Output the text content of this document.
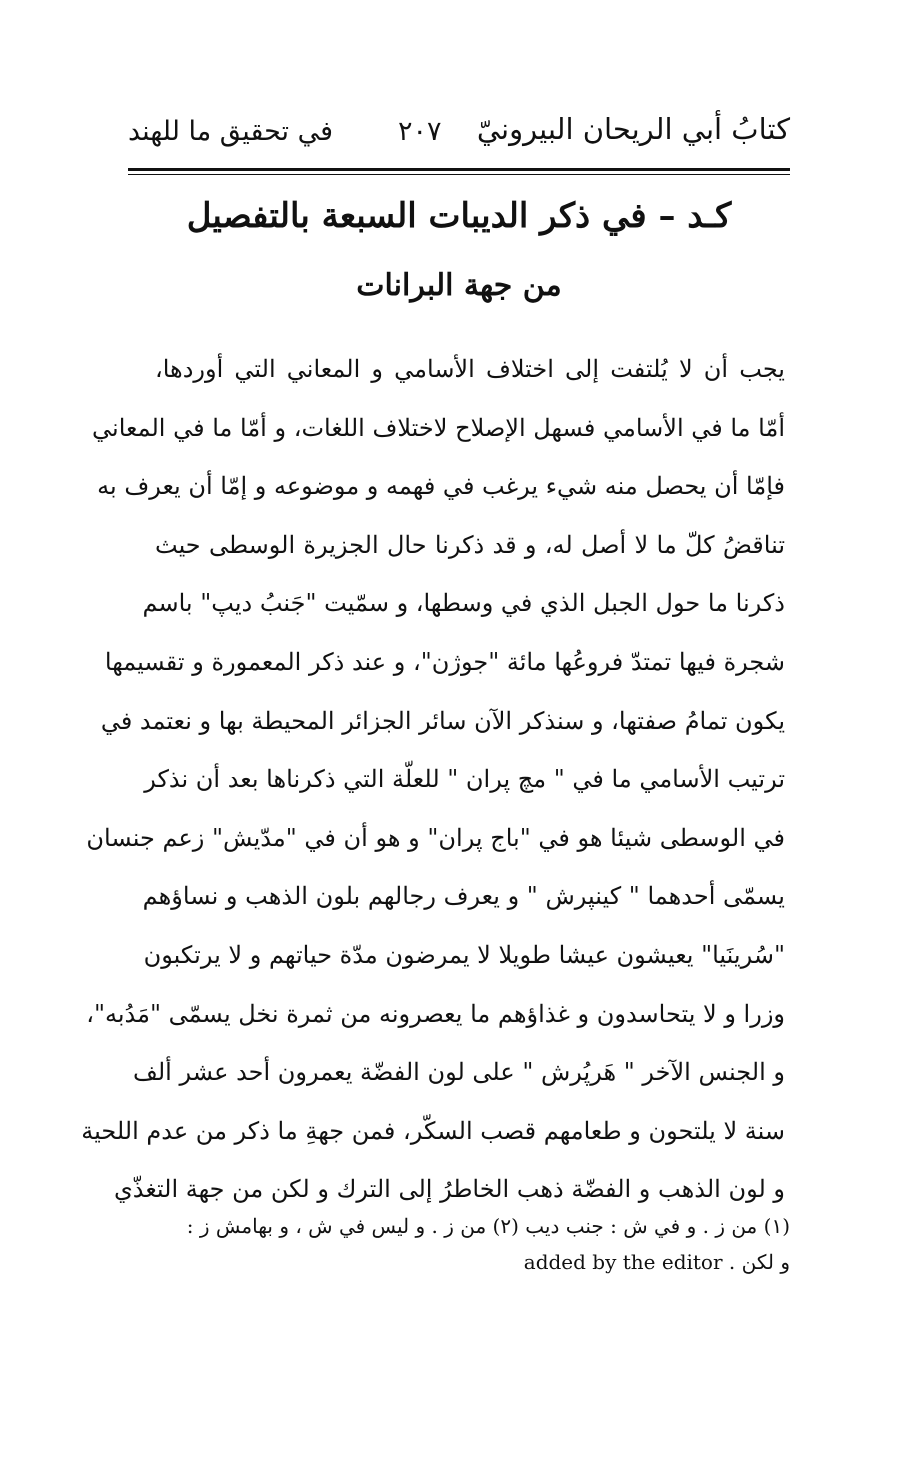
كتابُ أبي الريحان البيرونيّ
٢٠٧
في تحقيق ما للهند
كـد – في ذكر الديبات السبعة بالتفصيل
من جهة البرانات
يجب أن لا يُلتفت إلى اختلاف الأسامي و المعاني التي أوردها،
أمّا ما في الأسامي فسهل الإصلاح لاختلاف اللغات، و أمّا ما في المعاني
فإمّا أن يحصل منه شيء يرغب في فهمه و موضوعه و إمّا أن يعرف به
تناقضُ كلّ ما لا أصل له، و قد ذكرنا حال الجزيرة الوسطى حيث
ذكرنا ما حول الجبل الذي في وسطها، و سمّيت "جَنبُ ديپ" باسم
شجرة فيها تمتدّ فروعُها مائة "جوژن"، و عند ذكر المعمورة و تقسيمها
يكون تمامُ صفتها، و سنذكر الآن سائر الجزائر المحيطة بها و نعتمد في
ترتيب الأسامي ما في " مچ پران " للعلّة التي ذكرناها بعد أن نذكر
في الوسطى شيئا هو في "باج پران" و هو أن في "مدّيش" زعم جنسان
يسمّى أحدهما " كينپرش " و يعرف رجالهم بلون الذهب و نساؤهم
"سُرينَيا" يعيشون عيشا طويلا لا يمرضون مدّة حياتهم و لا يرتكبون
وزرا و لا يتحاسدون و غذاؤهم ما يعصرونه من ثمرة نخل يسمّى "مَدُبه"،
و الجنس الآخر " هَرپُرش " على لون الفضّة يعمرون أحد عشر ألف
سنة لا يلتحون و طعامهم قصب السكّر، فمن جهةِ ما ذكر من عدم اللحية
و لون الذهب و الفضّة ذهب الخاطرُ إلى الترك و لكن من جهة التغذّي
(١) من ز . و في ش : جنب ديب (٢) من ز . و ليس في ش ، و بهامش ز :
و لكن added by the editor .
